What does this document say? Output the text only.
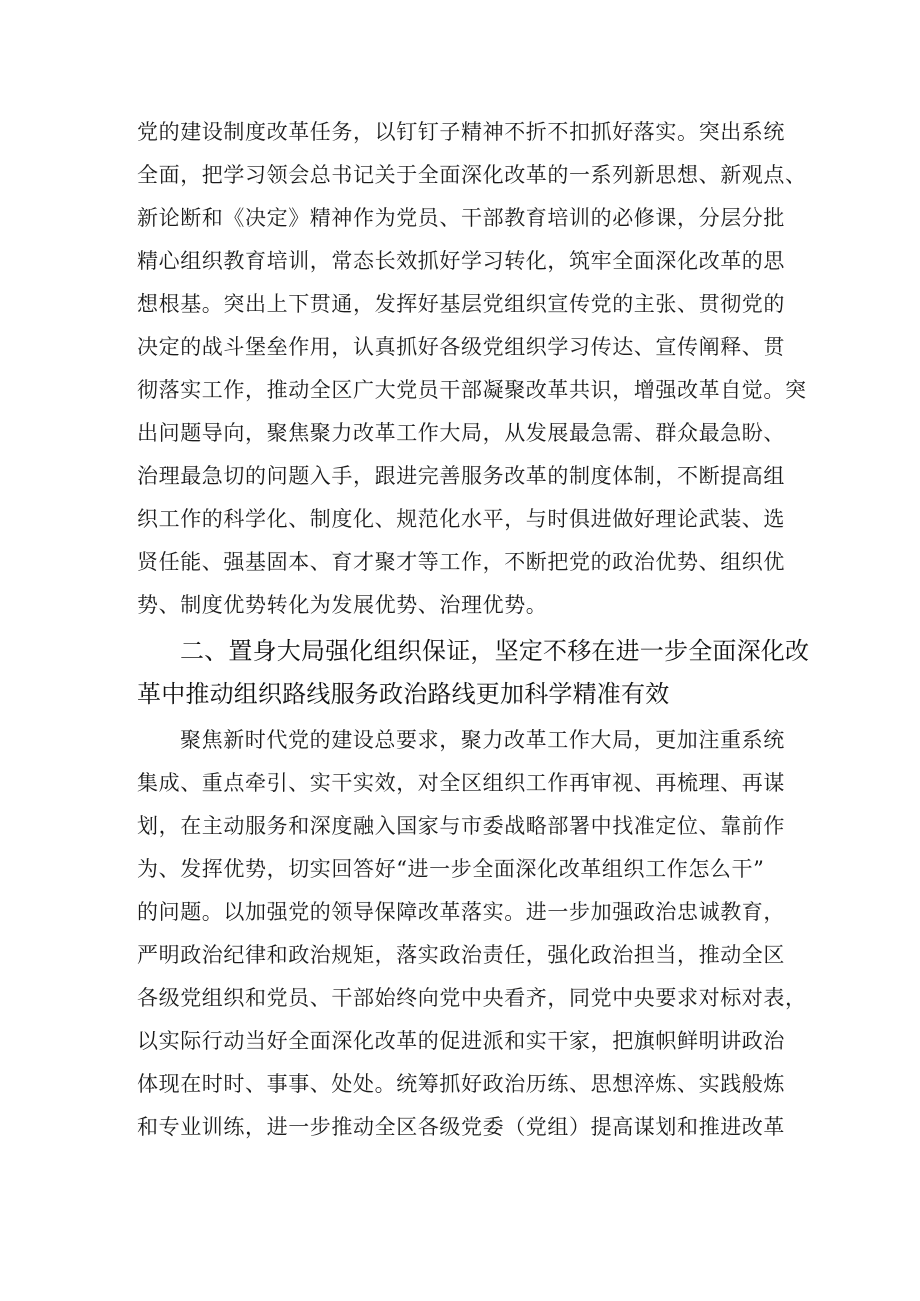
党的建设制度改革任务，以钉钉子精神不折不扣抓好落实。突出系统
全面，把学习领会总书记关于全面深化改革的一系列新思想、新观点、
新论断和《决定》精神作为党员、干部教育培训的必修课，分层分批
精心组织教育培训，常态长效抓好学习转化，筑牢全面深化改革的思
想根基。突出上下贯通，发挥好基层党组织宣传党的主张、贯彻党的
决定的战斗堡垒作用，认真抓好各级党组织学习传达、宣传阐释、贯
彻落实工作，推动全区广大党员干部凝聚改革共识，增强改革自觉。突
出问题导向，聚焦聚力改革工作大局，从发展最急需、群众最急盼、
治理最急切的问题入手，跟进完善服务改革的制度体制，不断提高组
织工作的科学化、制度化、规范化水平，与时俱进做好理论武装、选
贤任能、强基固本、育才聚才等工作，不断把党的政治优势、组织优
势、制度优势转化为发展优势、治理优势。
二、置身大局强化组织保证，坚定不移在进一步全面深化改
革中推动组织路线服务政治路线更加科学精准有效
聚焦新时代党的建设总要求，聚力改革工作大局，更加注重系统
集成、重点牵引、实干实效，对全区组织工作再审视、再梳理、再谋
划，在主动服务和深度融入国家与市委战略部署中找准定位、靠前作
为、发挥优势，切实回答好“进一步全面深化改革组织工作怎么干”
的问题。以加强党的领导保障改革落实。进一步加强政治忠诚教育，
严明政治纪律和政治规矩，落实政治责任，强化政治担当，推动全区
各级党组织和党员、干部始终向党中央看齐，同党中央要求对标对表，
以实际行动当好全面深化改革的促进派和实干家，把旗帜鲜明讲政治
体现在时时、事事、处处。统筹抓好政治历练、思想淬炼、实践般炼
和专业训练，进一步推动全区各级党委（党组）提高谋划和推进改革
